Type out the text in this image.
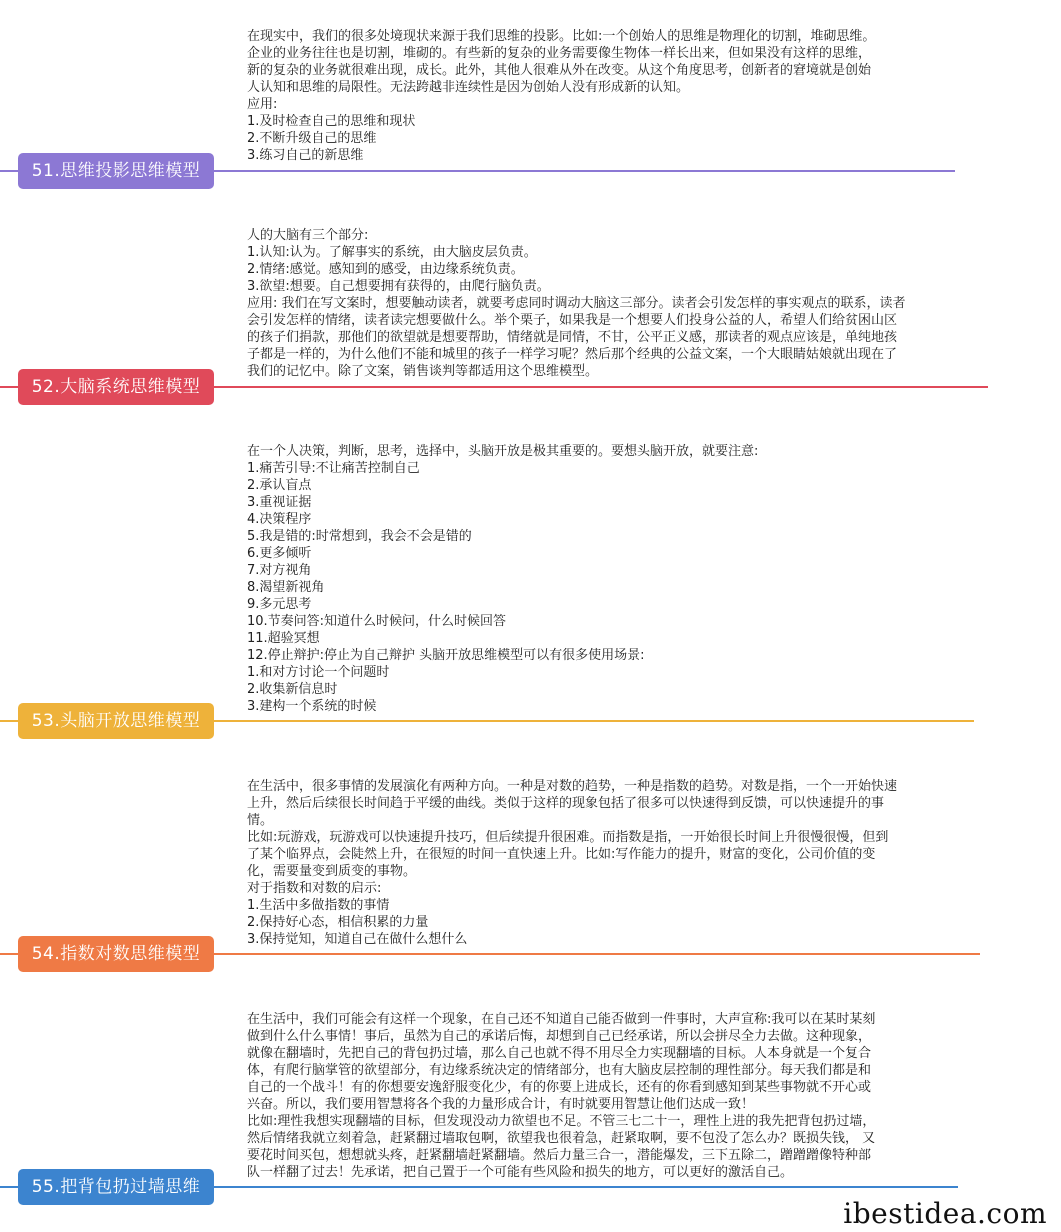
51.思维投影思维模型
在现实中，我们的很多处境现状来源于我们思维的投影。比如:一个创始人的思维是物理化的切割，堆砌思维。
企业的业务往往也是切割，堆砌的。有些新的复杂的业务需要像生物体一样长出来，但如果没有这样的思维，
新的复杂的业务就很难出现，成长。此外，其他人很难从外在改变。从这个角度思考，创新者的窘境就是创始
人认知和思维的局限性。无法跨越非连续性是因为创始人没有形成新的认知。
应用:
1.及时检查自己的思维和现状
2.不断升级自己的思维
3.练习自己的新思维
52.大脑系统思维模型
人的大脑有三个部分:
1.认知:认为。了解事实的系统，由大脑皮层负责。
2.情绪:感觉。感知到的感受，由边缘系统负责。
3.欲望:想要。自己想要拥有获得的，由爬行脑负责。
应用: 我们在写文案时，想要触动读者，就要考虑同时调动大脑这三部分。读者会引发怎样的事实观点的联系，读者
会引发怎样的情绪，读者读完想要做什么。举个栗子，如果我是一个想要人们投身公益的人，希望人们给贫困山区
的孩子们捐款，那他们的欲望就是想要帮助，情绪就是同情，不甘，公平正义感，那读者的观点应该是，单纯地孩
子都是一样的，为什么他们不能和城里的孩子一样学习呢？然后那个经典的公益文案，一个大眼睛姑娘就出现在了
我们的记忆中。除了文案，销售谈判等都适用这个思维模型。
53.头脑开放思维模型
在一个人决策，判断，思考，选择中，头脑开放是极其重要的。要想头脑开放，就要注意:
1.痛苦引导:不让痛苦控制自己
2.承认盲点
3.重视证据
4.决策程序
5.我是错的:时常想到，我会不会是错的
6.更多倾听
7.对方视角
8.渴望新视角
9.多元思考
10.节奏问答:知道什么时候问，什么时候回答
11.超验冥想
12.停止辩护:停止为自己辩护 头脑开放思维模型可以有很多使用场景:
1.和对方讨论一个问题时
2.收集新信息时
3.建构一个系统的时候
54.指数对数思维模型
在生活中，很多事情的发展演化有两种方向。一种是对数的趋势，一种是指数的趋势。对数是指，一个一开始快速
上升，然后后续很长时间趋于平缓的曲线。类似于这样的现象包括了很多可以快速得到反馈，可以快速提升的事
情。
比如:玩游戏，玩游戏可以快速提升技巧，但后续提升很困难。而指数是指，一开始很长时间上升很慢很慢，但到
了某个临界点，会陡然上升，在很短的时间一直快速上升。比如:写作能力的提升，财富的变化，公司价值的变
化，需要量变到质变的事物。
对于指数和对数的启示:
1.生活中多做指数的事情
2.保持好心态，相信积累的力量
3.保持觉知，知道自己在做什么想什么
55.把背包扔过墙思维
在生活中，我们可能会有这样一个现象，在自己还不知道自己能否做到一件事时，大声宣称:我可以在某时某刻
做到什么什么事情！事后，虽然为自己的承诺后悔，却想到自己已经承诺，所以会拼尽全力去做。这种现象，
就像在翻墙时，先把自己的背包扔过墙，那么自己也就不得不用尽全力实现翻墙的目标。人本身就是一个复合
体，有爬行脑掌管的欲望部分，有边缘系统决定的情绪部分，也有大脑皮层控制的理性部分。每天我们都是和
自己的一个战斗！有的你想要安逸舒服变化少，有的你要上进成长，还有的你看到感知到某些事物就不开心或
兴奋。所以，我们要用智慧将各个我的力量形成合计，有时就要用智慧让他们达成一致！
比如:理性我想实现翻墙的目标，但发现没动力欲望也不足。不管三七二十一，理性上进的我先把背包扔过墙，
然后情绪我就立刻着急，赶紧翻过墙取包啊，欲望我也很着急，赶紧取啊，要不包没了怎么办？既损失钱， 又
要花时间买包，想想就头疼，赶紧翻墙赶紧翻墙。然后力量三合一，潜能爆发，三下五除二，蹭蹭蹭像特种部
队一样翻了过去！先承诺，把自己置于一个可能有些风险和损失的地方，可以更好的激活自己。
ibestidea.com
